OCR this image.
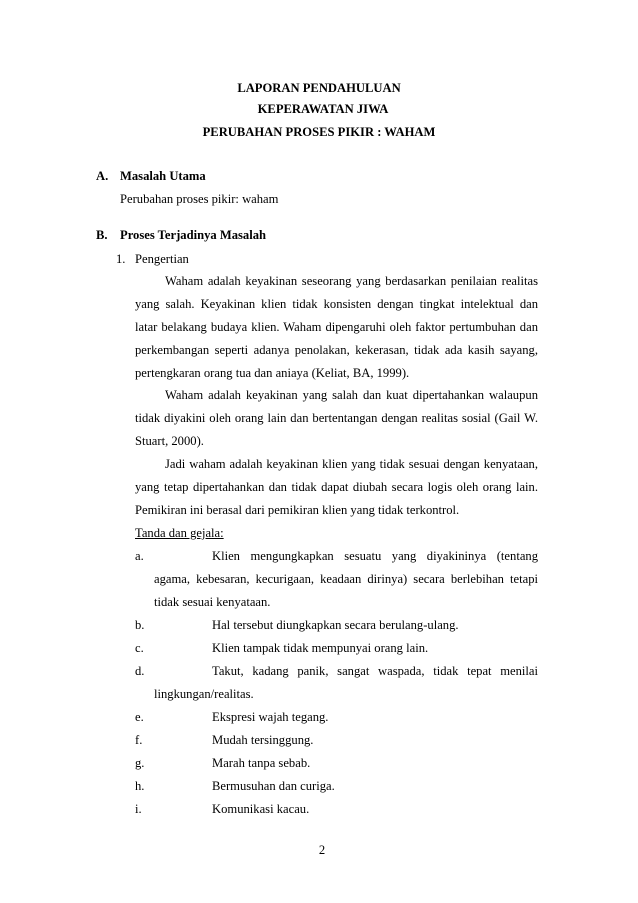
LAPORAN PENDAHULUAN
KEPERAWATAN JIWA
PERUBAHAN PROSES PIKIR : WAHAM
A. Masalah Utama
Perubahan proses pikir: waham
B. Proses Terjadinya Masalah
1. Pengertian
Waham adalah keyakinan seseorang yang berdasarkan penilaian realitas
yang salah. Keyakinan klien tidak konsisten dengan tingkat intelektual dan
latar belakang budaya klien. Waham dipengaruhi oleh faktor pertumbuhan dan
perkembangan seperti adanya penolakan, kekerasan, tidak ada kasih sayang,
pertengkaran orang tua dan aniaya (Keliat, BA, 1999).
Waham adalah keyakinan yang salah dan kuat dipertahankan walaupun
tidak diyakini oleh orang lain dan bertentangan dengan realitas sosial (Gail W.
Stuart, 2000).
Jadi waham adalah keyakinan klien yang tidak sesuai dengan kenyataan,
yang tetap dipertahankan dan tidak dapat diubah secara logis oleh orang lain.
Pemikiran ini berasal dari pemikiran klien yang tidak terkontrol.
Tanda dan gejala:
a.	Klien mengungkapkan sesuatu yang diyakininya (tentang
agama, kebesaran, kecurigaan, keadaan dirinya) secara berlebihan tetapi
tidak sesuai kenyataan.
b.	Hal tersebut diungkapkan secara berulang-ulang.
c.	Klien tampak tidak mempunyai orang lain.
d.	Takut, kadang panik, sangat waspada, tidak tepat menilai
lingkungan/realitas.
e.	Ekspresi wajah tegang.
f.	Mudah tersinggung.
g.	Marah tanpa sebab.
h.	Bermusuhan dan curiga.
i.	Komunikasi kacau.
2
